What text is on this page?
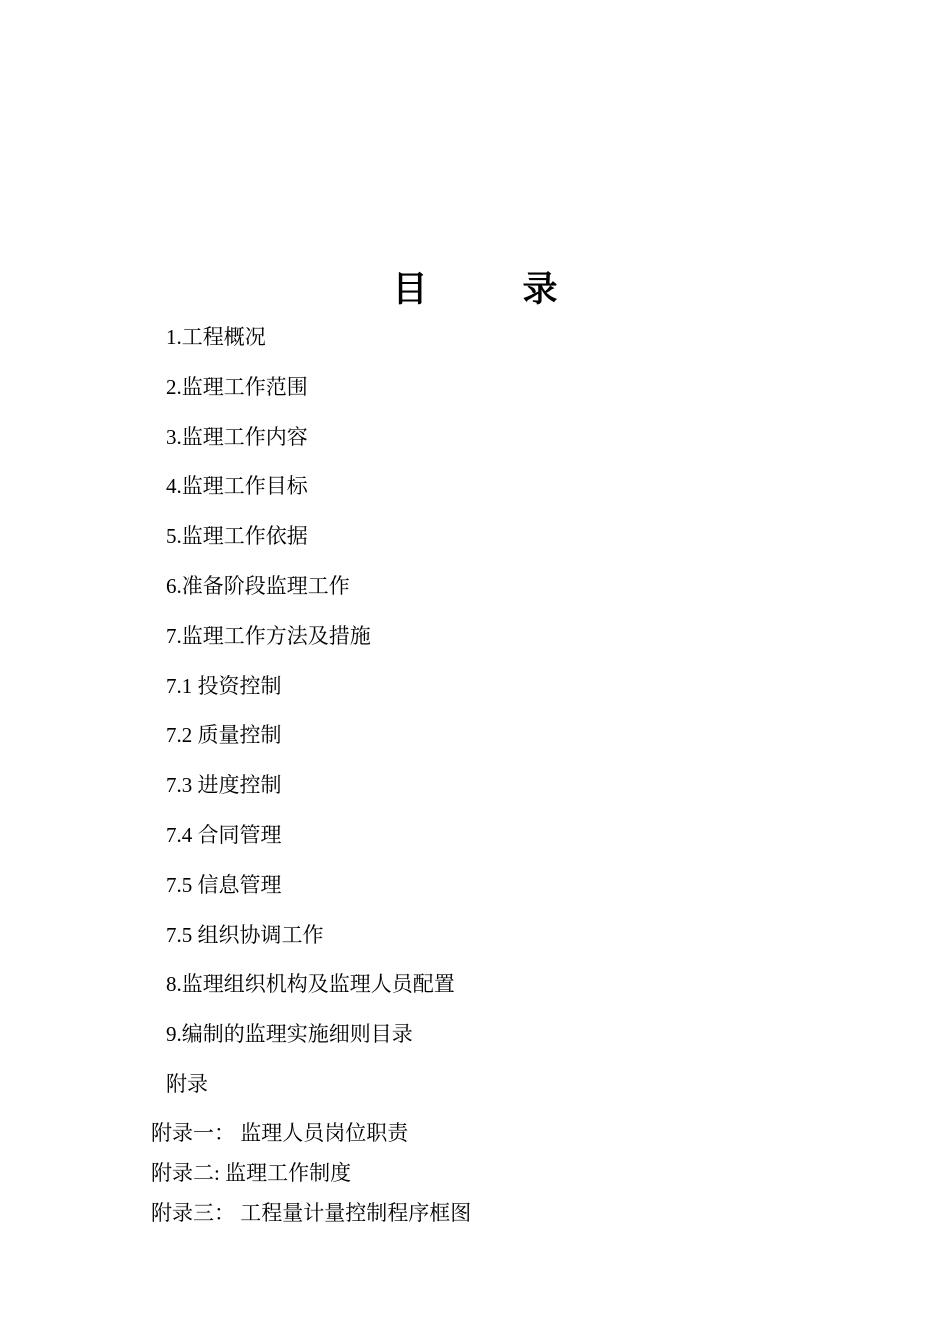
目　录
1.工程概况
2.监理工作范围
3.监理工作内容
4.监理工作目标
5.监理工作依据
6.准备阶段监理工作
7.监理工作方法及措施
7.1 投资控制
7.2 质量控制
7.3 进度控制
7.4 合同管理
7.5 信息管理
7.5 组织协调工作
8.监理组织机构及监理人员配置
9.编制的监理实施细则目录
附录
附录一： 监理人员岗位职责
附录二: 监理工作制度
附录三： 工程量计量控制程序框图
